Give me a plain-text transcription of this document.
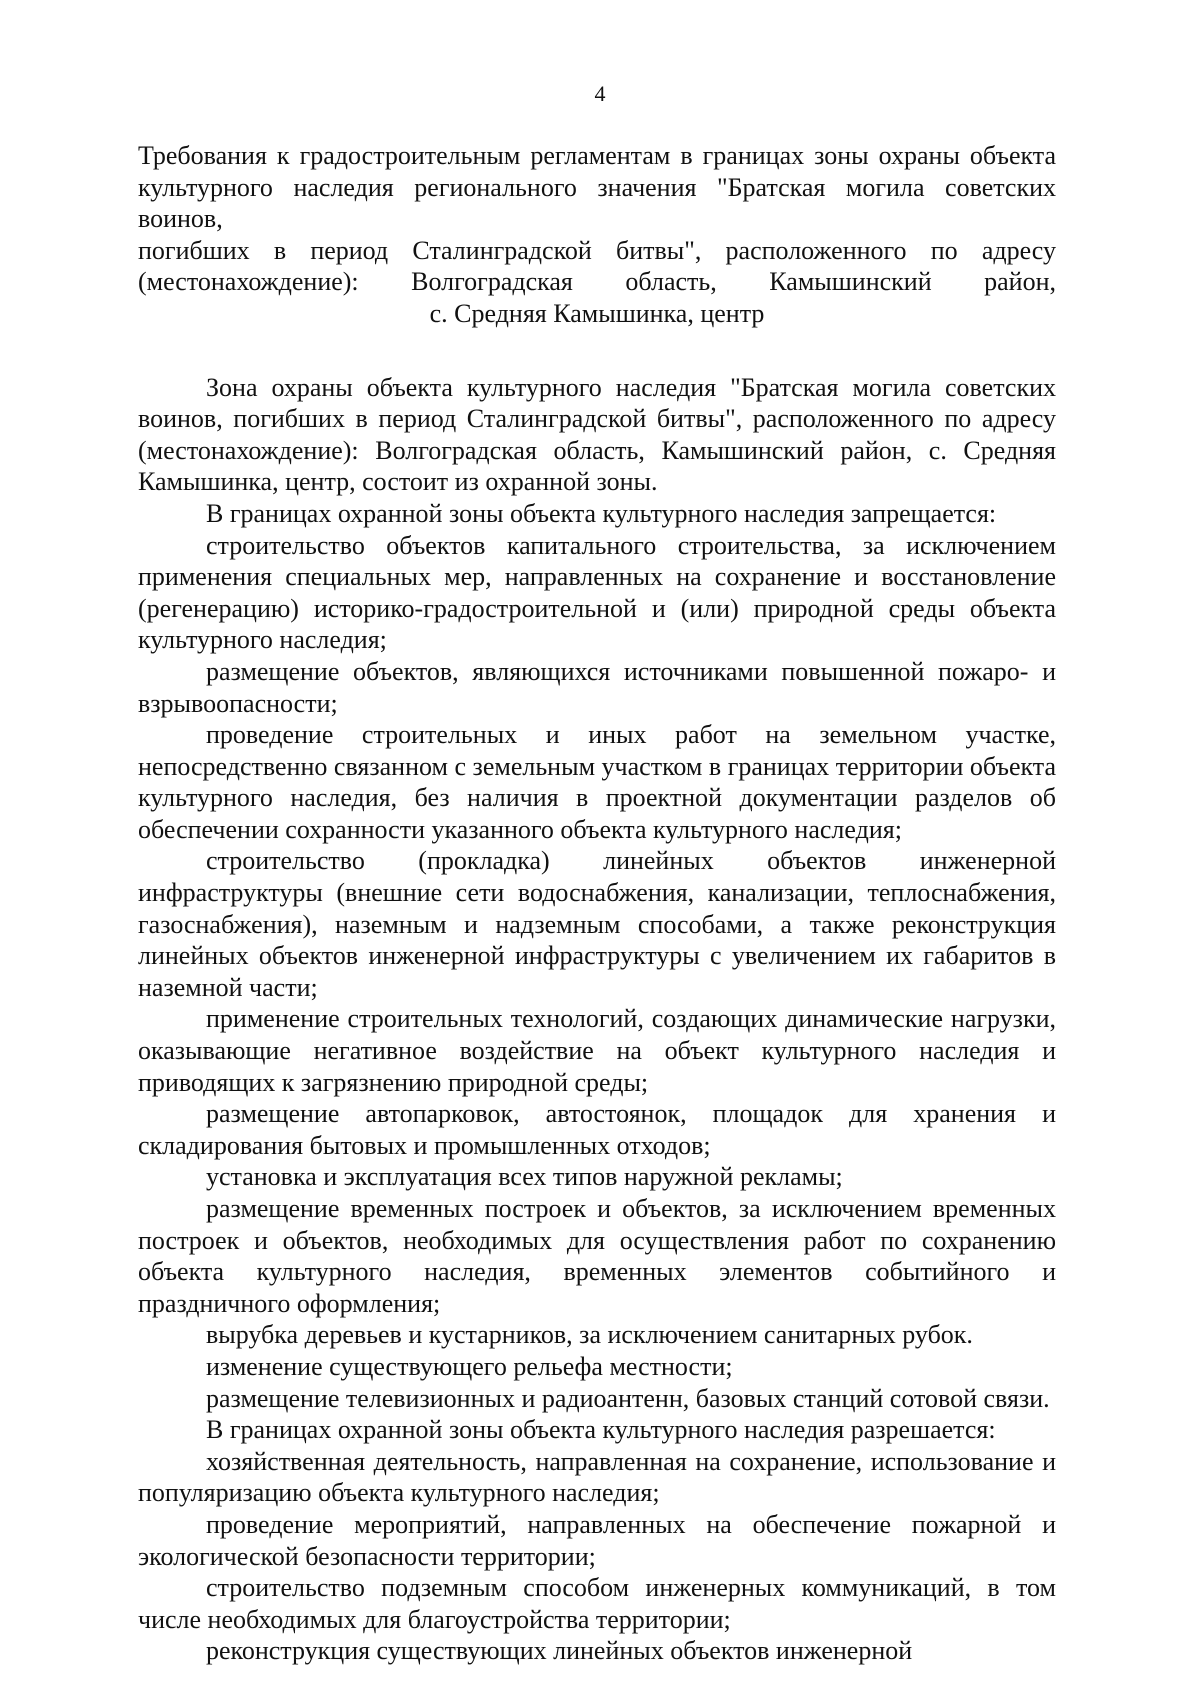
4
Требования к градостроительным регламентам в границах зоны охраны объекта
культурного наследия регионального значения "Братская могила советских воинов,
погибших в период Сталинградской битвы", расположенного по адресу
(местонахождение): Волгоградская область, Камышинский район,
с. Средняя Камышинка, центр

Зона охраны объекта культурного наследия "Братская могила советских воинов, погибших в период Сталинградской битвы", расположенного по адресу (местонахождение): Волгоградская область, Камышинский район, с. Средняя Камышинка, центр, состоит из охранной зоны.

В границах охранной зоны объекта культурного наследия запрещается:

строительство объектов капитального строительства, за исключением применения специальных мер, направленных на сохранение и восстановление (регенерацию) историко-градостроительной и (или) природной среды объекта культурного наследия;

размещение объектов, являющихся источниками повышенной пожаро- и взрывоопасности;

проведение строительных и иных работ на земельном участке, непосредственно связанном с земельным участком в границах территории объекта культурного наследия, без наличия в проектной документации разделов об обеспечении сохранности указанного объекта культурного наследия;

строительство (прокладка) линейных объектов инженерной инфраструктуры (внешние сети водоснабжения, канализации, теплоснабжения, газоснабжения), наземным и надземным способами, а также реконструкция линейных объектов инженерной инфраструктуры с увеличением их габаритов в наземной части;

применение строительных технологий, создающих динамические нагрузки, оказывающие негативное воздействие на объект культурного наследия и приводящих к загрязнению природной среды;

размещение автопарковок, автостоянок, площадок для хранения и складирования бытовых и промышленных отходов;

установка и эксплуатация всех типов наружной рекламы;

размещение временных построек и объектов, за исключением временных построек и объектов, необходимых для осуществления работ по сохранению объекта культурного наследия, временных элементов событийного и праздничного оформления;

вырубка деревьев и кустарников, за исключением санитарных рубок.

изменение существующего рельефа местности;

размещение телевизионных и радиоантенн, базовых станций сотовой связи.

В границах охранной зоны объекта культурного наследия разрешается:

хозяйственная деятельность, направленная на сохранение, использование и популяризацию объекта культурного наследия;

проведение мероприятий, направленных на обеспечение пожарной и экологической безопасности территории;

строительство подземным способом инженерных коммуникаций, в том числе необходимых для благоустройства территории;

реконструкция существующих линейных объектов инженерной
